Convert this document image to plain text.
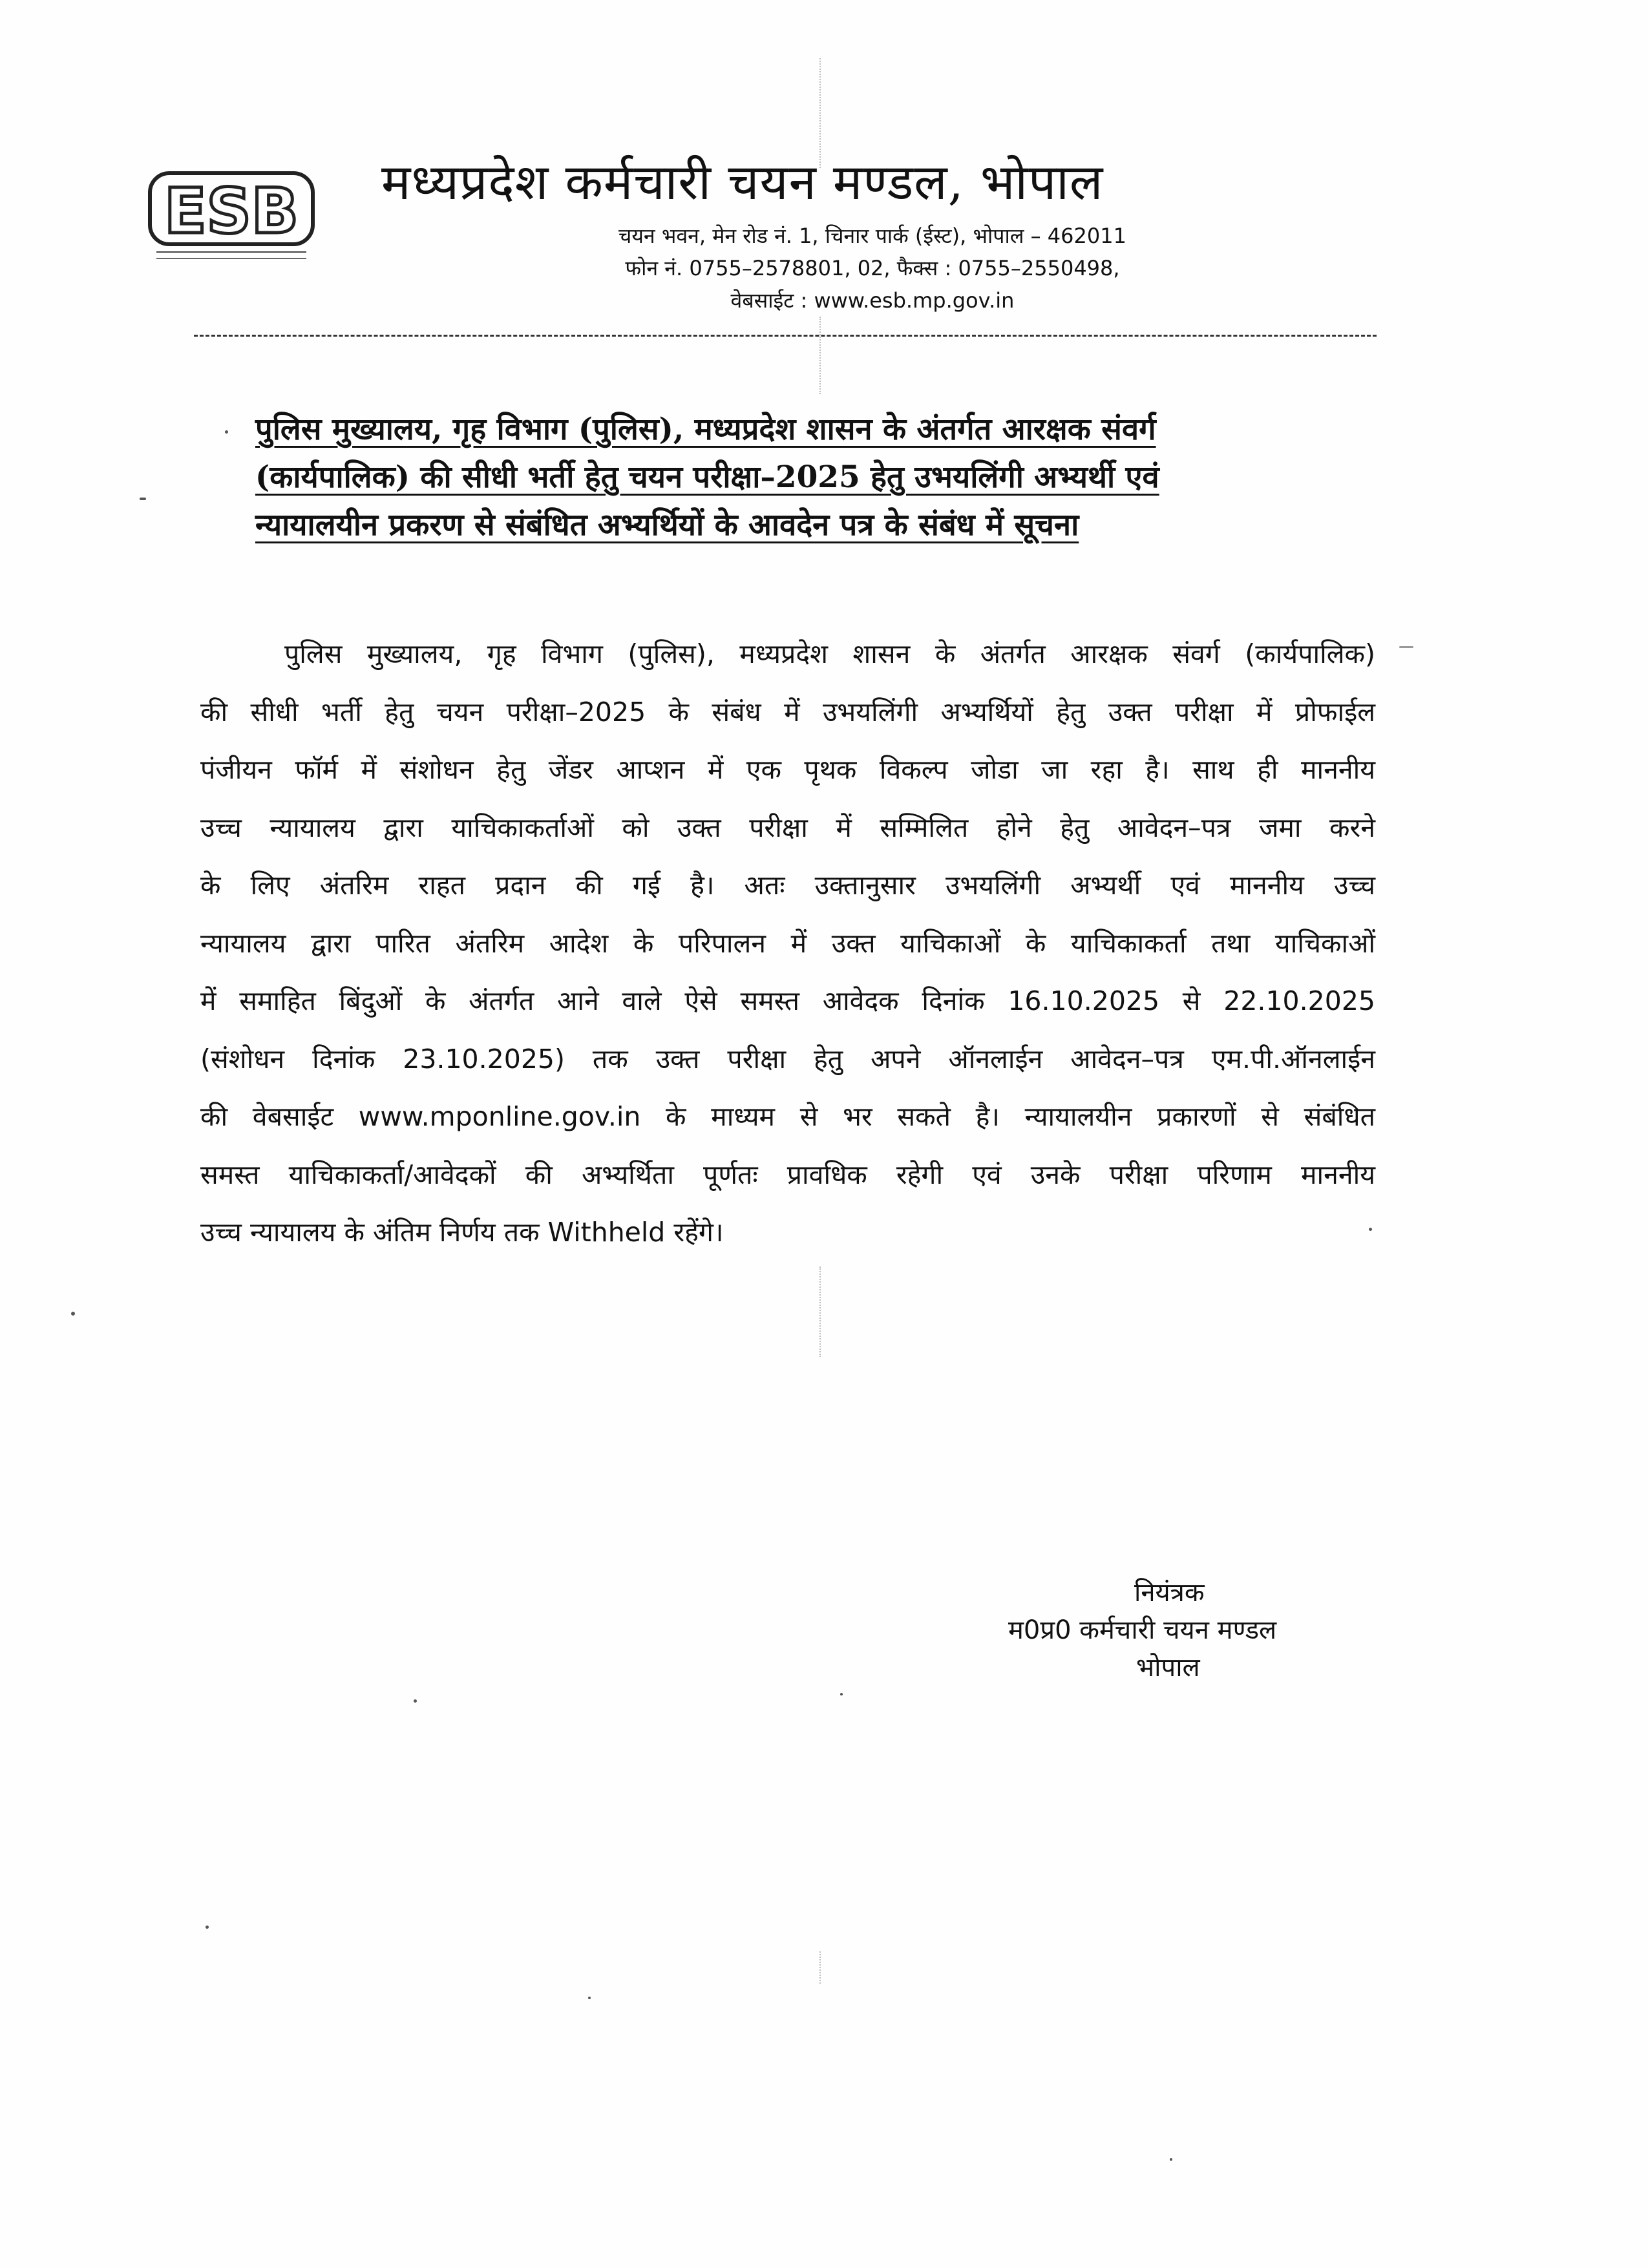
ESB मध्यप्रदेश कर्मचारी चयन मण्डल, भोपाल
चयन भवन, मेन रोड नं. 1, चिनार पार्क (ईस्ट), भोपाल – 462011
फोन नं. 0755–2578801, 02, फैक्स : 0755–2550498,
वेबसाईट : www.esb.mp.gov.in
पुलिस मुख्यालय, गृह विभाग (पुलिस), मध्यप्रदेश शासन के अंतर्गत आरक्षक संवर्ग
(कार्यपालिक) की सीधी भर्ती हेतु चयन परीक्षा–2025 हेतु उभयलिंगी अभ्यर्थी एवं
न्यायालयीन प्रकरण से संबंधित अभ्यर्थियों के आवदेन पत्र के संबंध में सूचना
पुलिस मुख्यालय, गृह विभाग (पुलिस), मध्यप्रदेश शासन के अंतर्गत आरक्षक संवर्ग (कार्यपालिक)
की सीधी भर्ती हेतु चयन परीक्षा–2025 के संबंध में उभयलिंगी अभ्यर्थियों हेतु उक्त परीक्षा में प्रोफाईल
पंजीयन फॉर्म में संशोधन हेतु जेंडर आप्शन में एक पृथक विकल्प जोडा जा रहा है। साथ ही माननीय
उच्च न्यायालय द्वारा याचिकाकर्ताओं को उक्त परीक्षा में सम्मिलित होने हेतु आवेदन–पत्र जमा करने
के लिए अंतरिम राहत प्रदान की गई है। अतः उक्तानुसार उभयलिंगी अभ्यर्थी एवं माननीय उच्च
न्यायालय द्वारा पारित अंतरिम आदेश के परिपालन में उक्त याचिकाओं के याचिकाकर्ता तथा याचिकाओं
में समाहित बिंदुओं के अंतर्गत आने वाले ऐसे समस्त आवेदक दिनांक 16.10.2025 से 22.10.2025
(संशोधन दिनांक 23.10.2025) तक उक्त परीक्षा हेतु अपने ऑनलाईन आवेदन–पत्र एम.पी.ऑनलाईन
की वेबसाईट www.mponline.gov.in के माध्यम से भर सकते है। न्यायालयीन प्रकारणों से संबंधित
समस्त याचिकाकर्ता/आवेदकों की अभ्यर्थिता पूर्णतः प्रावधिक रहेगी एवं उनके परीक्षा परिणाम माननीय
उच्च न्यायालय के अंतिम निर्णय तक Withheld रहेंगे।
नियंत्रक
म0प्र0 कर्मचारी चयन मण्डल
भोपाल
